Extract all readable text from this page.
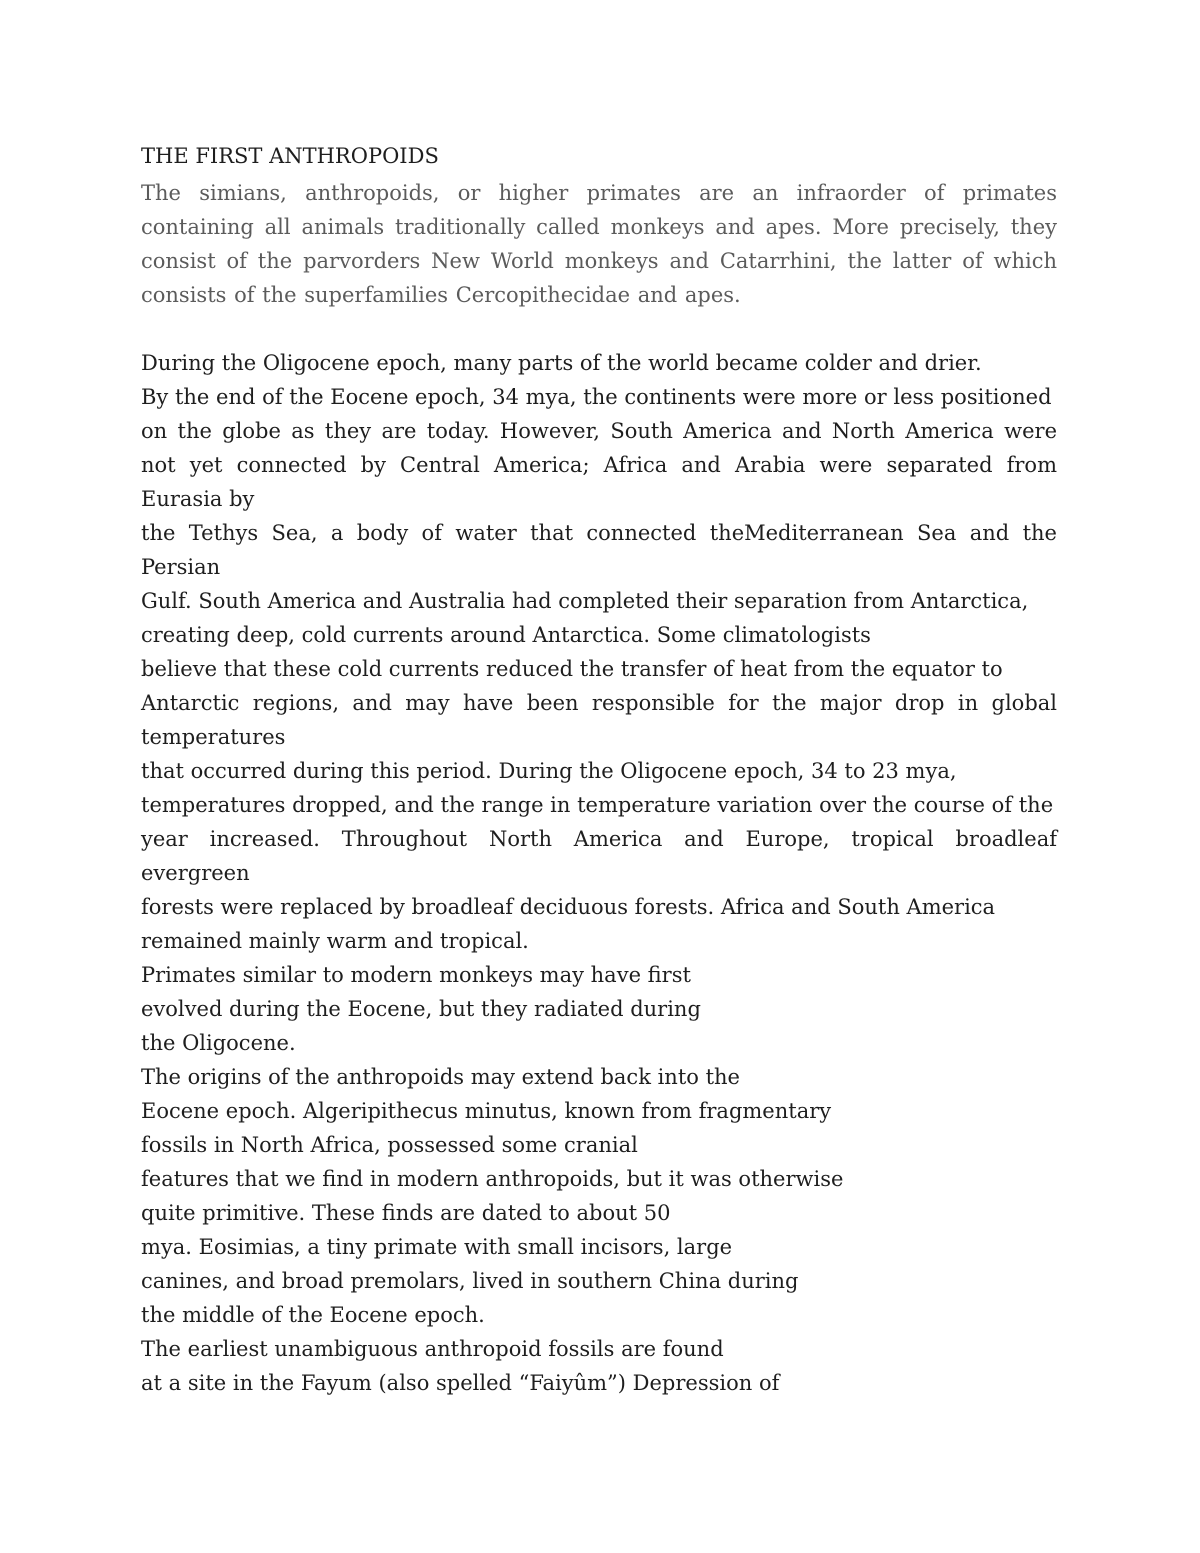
THE FIRST ANTHROPOIDS
The simians, anthropoids, or higher primates are an infraorder of primates
containing all animals traditionally called monkeys and apes. More precisely, they
consist of the parvorders New World monkeys and Catarrhini, the latter of which
consists of the superfamilies Cercopithecidae and apes.
During the Oligocene epoch, many parts of the world became colder and drier.
By the end of the Eocene epoch, 34 mya, the continents were more or less positioned
on the globe as they are today. However, South America and North America were
not yet connected by Central America; Africa and Arabia were separated from
Eurasia by
the Tethys Sea, a body of water that connected theMediterranean Sea and the
Persian
Gulf. South America and Australia had completed their separation from Antarctica,
creating deep, cold currents around Antarctica. Some climatologists
believe that these cold currents reduced the transfer of heat from the equator to
Antarctic regions, and may have been responsible for the major drop in global
temperatures
that occurred during this period. During the Oligocene epoch, 34 to 23 mya,
temperatures dropped, and the range in temperature variation over the course of the
year increased. Throughout North America and Europe, tropical broadleaf
evergreen
forests were replaced by broadleaf deciduous forests. Africa and South America
remained mainly warm and tropical.
Primates similar to modern monkeys may have first
evolved during the Eocene, but they radiated during
the Oligocene.
The origins of the anthropoids may extend back into the
Eocene epoch. Algeripithecus minutus, known from fragmentary
fossils in North Africa, possessed some cranial
features that we find in modern anthropoids, but it was otherwise
quite primitive. These finds are dated to about 50
mya. Eosimias, a tiny primate with small incisors, large
canines, and broad premolars, lived in southern China during
the middle of the Eocene epoch.
The earliest unambiguous anthropoid fossils are found
at a site in the Fayum (also spelled “Faiyûm”) Depression of
